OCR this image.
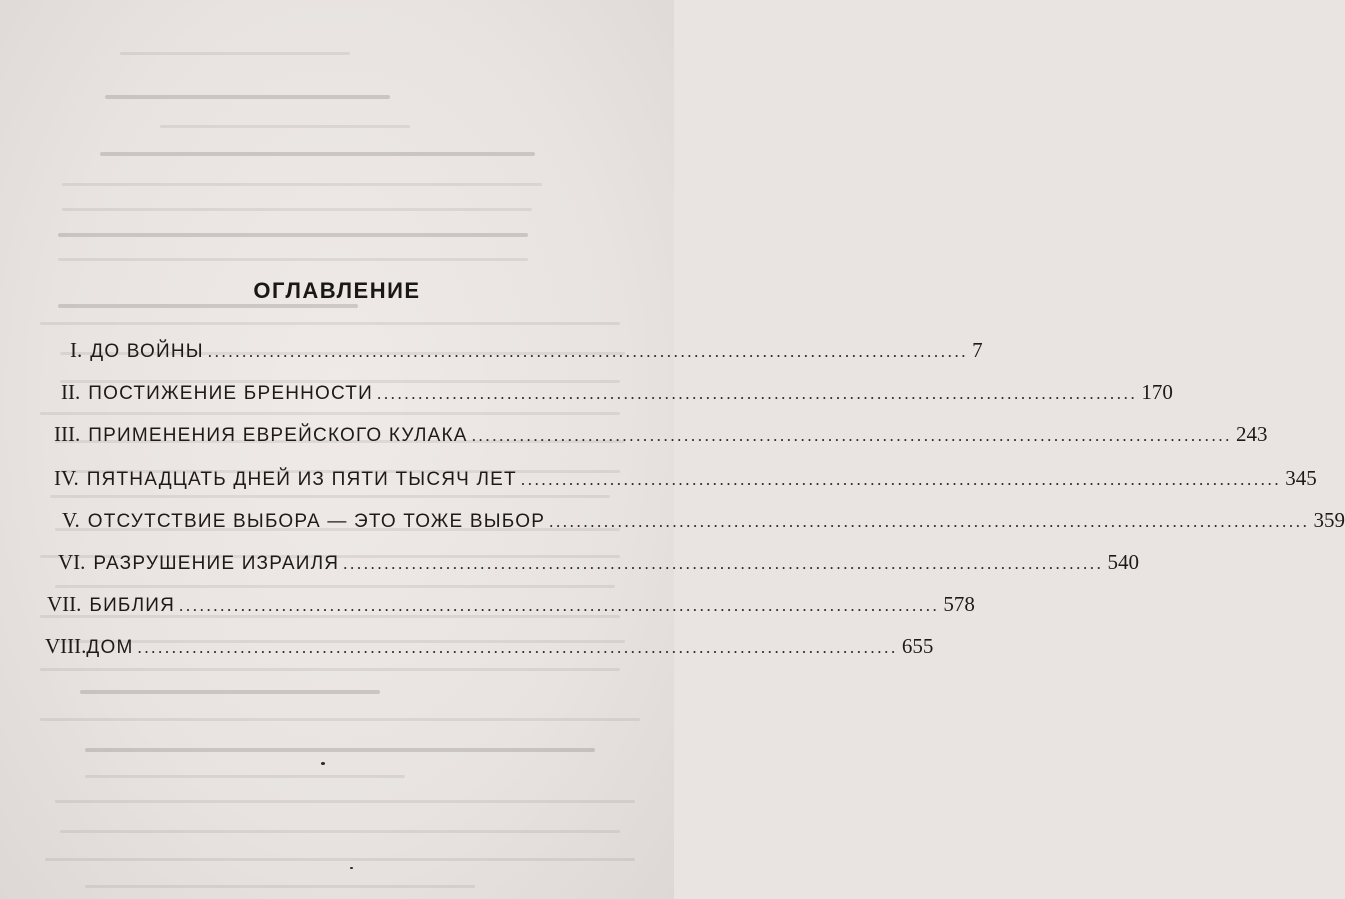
ОГЛАВЛЕНИЕ
I. ДО ВОЙНЫ ............................................................................................................... 7
II. ПОСТИЖЕНИЕ БРЕННОСТИ ............................................................................................................... 170
III. ПРИМЕНЕНИЯ ЕВРЕЙСКОГО КУЛАКА ............................................................................................................... 243
IV. ПЯТНАДЦАТЬ ДНЕЙ ИЗ ПЯТИ ТЫСЯЧ ЛЕТ ............................................................................................................... 345
V. ОТСУТСТВИЕ ВЫБОРА — ЭТО ТОЖЕ ВЫБОР ............................................................................................................... 359
VI. РАЗРУШЕНИЕ ИЗРАИЛЯ ............................................................................................................... 540
VII. БИБЛИЯ ............................................................................................................... 578
VIII. ДОМ ............................................................................................................... 655
